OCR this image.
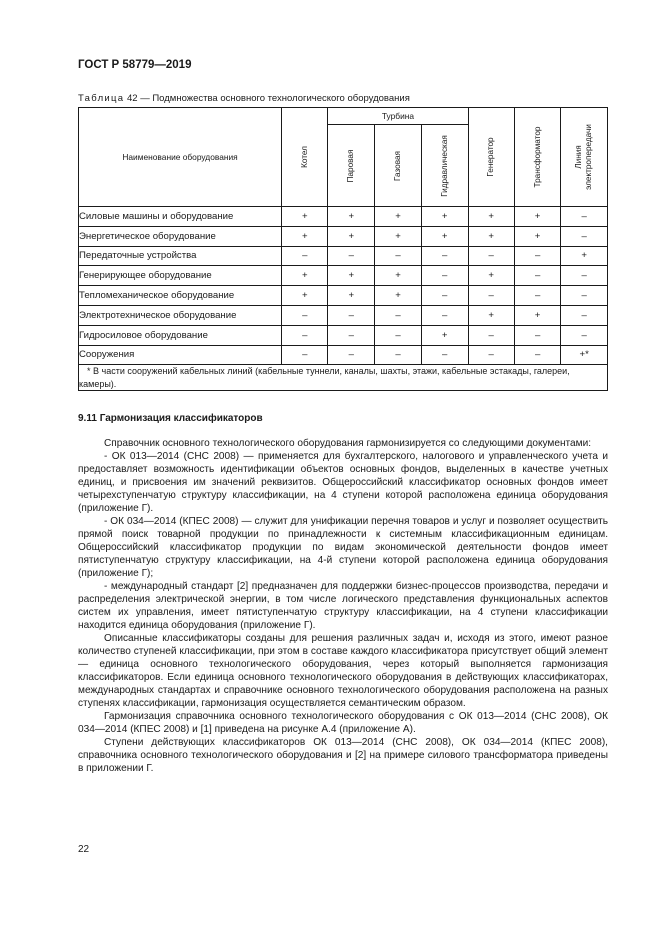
ГОСТ Р 58779—2019
Таблица 42 — Подмножества основного технологического оборудования
Наименование оборудования	Котел	Турбина			Генератор	Трансформатор	Линия электропередачи

		Паровая	Газовая	Гидравлическая			

Силовые машины и оборудование	+	+	+	+	+	+	–
Энергетическое оборудование	+	+	+	+	+	+	–
Передаточные устройства	–	–	–	–	–	–	+
Генерирующее оборудование	+	+	+	–	+	–	–
Тепломеханическое оборудование	+	+	+	–	–	–	–
Электротехническое оборудование	–	–	–	–	+	+	–
Гидросиловое оборудование	–	–	–	+	–	–	–
Сооружения	–	–	–	–	–	–	+*

* В части сооружений кабельных линий (кабельные туннели, каналы, шахты, этажи, кабельные эстакады, галереи, камеры).							
9.11 Гармонизация классификаторов

Справочник основного технологического оборудования гармонизируется со следующими документами:

- ОК 013—2014 (СНС 2008) — применяется для бухгалтерского, налогового и управленческого учета и предоставляет возможность идентификации объектов основных фондов, выделенных в качестве учетных единиц, и присвоения им значений реквизитов. Общероссийский классификатор основных фондов имеет четырехступенчатую структуру классификации, на 4 ступени которой расположена единица оборудования (приложение Г).

- ОК 034—2014 (КПЕС 2008) — служит для унификации перечня товаров и услуг и позволяет осуществить прямой поиск товарной продукции по принадлежности к системным классификационным единицам. Общероссийский классификатор продукции по видам экономической деятельности фондов имеет пятиступенчатую структуру классификации, на 4-й ступени которой расположена единица оборудования (приложение Г);

- международный стандарт [2] предназначен для поддержки бизнес-процессов производства, передачи и распределения электрической энергии, в том числе логического представления функциональных аспектов систем их управления, имеет пятиступенчатую структуру классификации, на 4 ступени классификации находится единица оборудования (приложение Г).

Описанные классификаторы созданы для решения различных задач и, исходя из этого, имеют разное количество ступеней классификации, при этом в составе каждого классификатора присутствует общий элемент — единица основного технологического оборудования, через который выполняется гармонизация классификаторов. Если единица основного технологического оборудования в действующих классификаторах, международных стандартах и справочнике основного технологического оборудования расположена на разных ступенях классификации, гармонизация осуществляется семантическим образом.

Гармонизация справочника основного технологического оборудования с ОК 013—2014 (СНС 2008), ОК 034—2014 (КПЕС 2008) и [1] приведена на рисунке А.4 (приложение А).

Ступени действующих классификаторов ОК 013—2014 (СНС 2008), ОК 034—2014 (КПЕС 2008), справочника основного технологического оборудования и [2] на примере силового трансформатора приведены в приложении Г.

22
